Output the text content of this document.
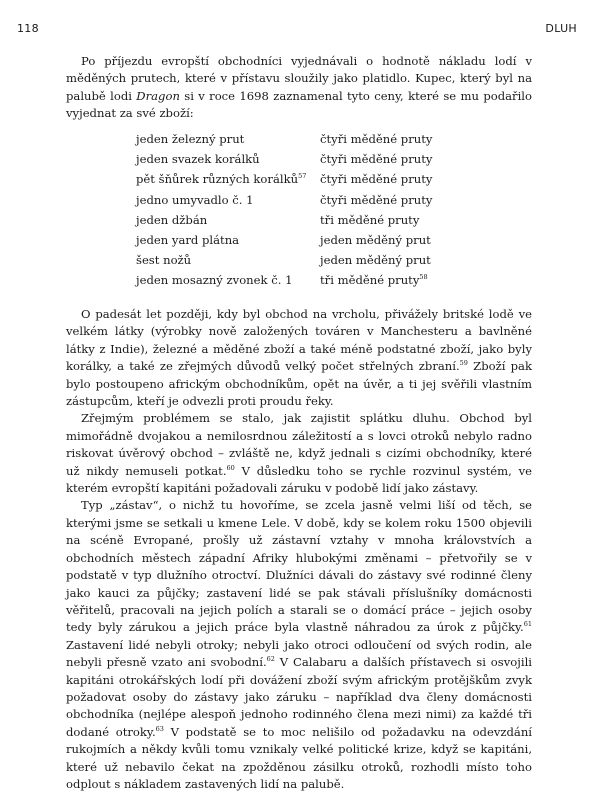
118	DLUH

Po příjezdu evropští obchodníci vyjednávali o hodnotě nákladu lodí v měděných prutech, které v přístavu sloužily jako platidlo. Kupec, který byl na palubě lodi Dragon si v roce 1698 zaznamenal tyto ceny, které se mu podařilo vyjednat za své zboží:

jeden železný prut	čtyři měděné pruty
jeden svazek korálků	čtyři měděné pruty
pět šňůrek různých korálků$^{57}$	čtyři měděné pruty
jedno umyvadlo č. 1	čtyři měděné pruty
jeden džbán	tři měděné pruty
jeden yard plátna	jeden měděný prut
šest nožů	jeden měděný prut
jeden mosazný zvonek č. 1	tři měděné pruty$^{58}$

O padesát let později, kdy byl obchod na vrcholu, přivážely britské lodě ve velkém látky (výrobky nově založených továren v Manchesteru a bavlněné látky z Indie), železné a měděné zboží a také méně podstatné zboží, jako byly korálky, a také ze zřejmých důvodů velký počet střelných zbraní.$^{59}$ Zboží pak bylo postoupeno africkým obchodníkům, opět na úvěr, a ti jej svěřili vlastním zástupcům, kteří je odvezli proti proudu řeky.

Zřejmým problémem se stalo, jak zajistit splátku dluhu. Obchod byl mimořádně dvojakou a nemilosrdnou záležitostí a s lovci otroků nebylo radno riskovat úvěrový obchod – zvláště ne, když jednali s cizími obchodníky, které už nikdy nemuseli potkat.$^{60}$ V důsledku toho se rychle rozvinul systém, ve kterém evropští kapitáni požadovali záruku v podobě lidí jako zástavy.

Typ „zástav“, o nichž tu hovoříme, se zcela jasně velmi liší od těch, se kterými jsme se setkali u kmene Lele. V době, kdy se kolem roku 1500 objevili na scéně Evropané, prošly už zástavní vztahy v mnoha královstvích a obchodních městech západní Afriky hlubokými změnami – přetvořily se v podstatě v typ dlužního otroctví. Dlužníci dávali do zástavy své rodinné členy jako kauci za půjčky; zastavení lidé se pak stávali příslušníky domácnosti věřitelů, pracovali na jejich polích a starali se o domácí práce – jejich osoby tedy byly zárukou a jejich práce byla vlastně náhradou za úrok z půjčky.$^{61}$ Zastavení lidé nebyli otroky; nebyli jako otroci odloučení od svých rodin, ale nebyli přesně vzato ani svobodní.$^{62}$ V Calabaru a dalších přístavech si osvojili kapitáni otrokářských lodí při dovážení zboží svým africkým protějškům zvyk požadovat osoby do zástavy jako záruku – například dva členy domácnosti obchodníka (nejlépe alespoň jednoho rodinného člena mezi nimi) za každé tři dodané otroky.$^{63}$ V podstatě se to moc nelišilo od požadavku na odevzdání rukojmích a někdy kvůli tomu vznikaly velké politické krize, když se kapitáni, které už nebavilo čekat na zpožděnou zásilku otroků, rozhodli místo toho odplout s nákladem zastavených lidí na palubě.
